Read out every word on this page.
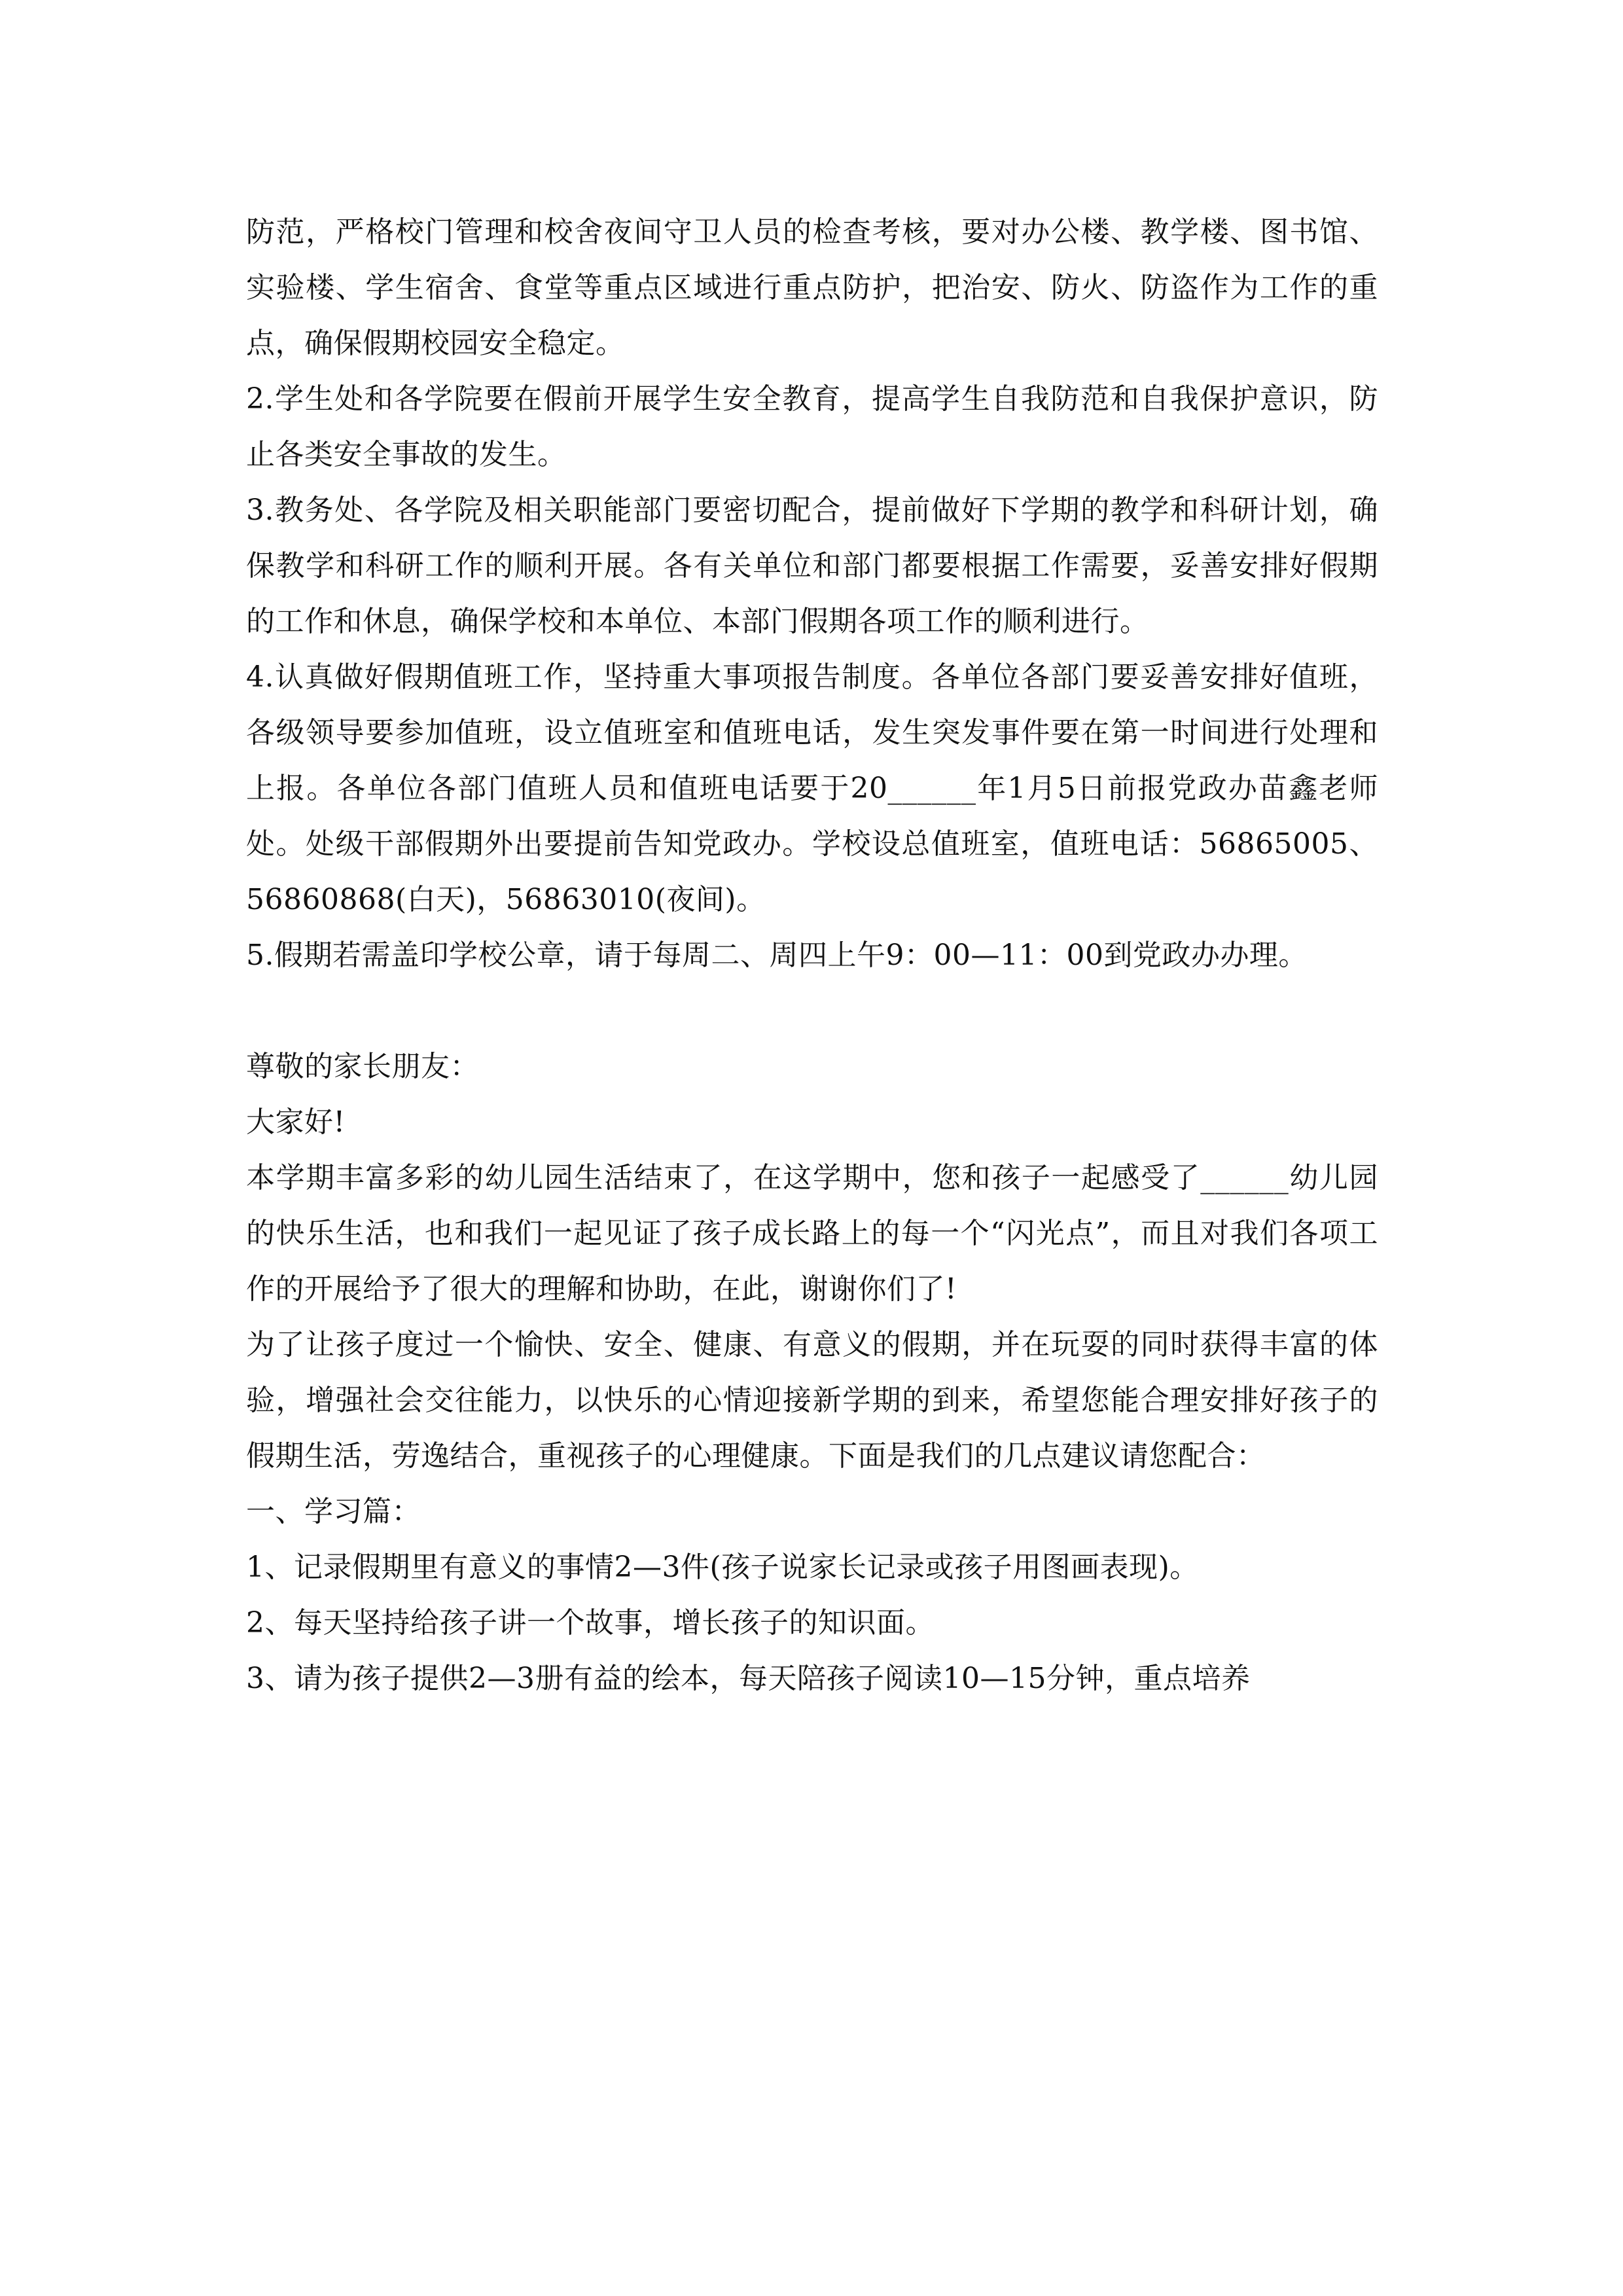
防范，严格校门管理和校舍夜间守卫人员的检查考核，要对办公楼、教学楼、图书馆、实验楼、学生宿舍、食堂等重点区域进行重点防护，把治安、防火、防盗作为工作的重点，确保假期校园安全稳定。

2.学生处和各学院要在假前开展学生安全教育，提高学生自我防范和自我保护意识，防止各类安全事故的发生。

3.教务处、各学院及相关职能部门要密切配合，提前做好下学期的教学和科研计划，确保教学和科研工作的顺利开展。各有关单位和部门都要根据工作需要，妥善安排好假期的工作和休息，确保学校和本单位、本部门假期各项工作的顺利进行。

4.认真做好假期值班工作，坚持重大事项报告制度。各单位各部门要妥善安排好值班，各级领导要参加值班，设立值班室和值班电话，发生突发事件要在第一时间进行处理和上报。各单位各部门值班人员和值班电话要于20______年1月5日前报党政办苗鑫老师处。处级干部假期外出要提前告知党政办。学校设总值班室，值班电话：56865005、56860868(白天)，56863010(夜间)。

5.假期若需盖印学校公章，请于每周二、周四上午9：00—11：00到党政办办理。

尊敬的家长朋友：

大家好!

本学期丰富多彩的幼儿园生活结束了，在这学期中，您和孩子一起感受了______幼儿园的快乐生活，也和我们一起见证了孩子成长路上的每一个“闪光点”，而且对我们各项工作的开展给予了很大的理解和协助，在此，谢谢你们了!

为了让孩子度过一个愉快、安全、健康、有意义的假期，并在玩耍的同时获得丰富的体验，增强社会交往能力，以快乐的心情迎接新学期的到来，希望您能合理安排好孩子的假期生活，劳逸结合，重视孩子的心理健康。下面是我们的几点建议请您配合：

一、学习篇：

1、记录假期里有意义的事情2—3件(孩子说家长记录或孩子用图画表现)。

2、每天坚持给孩子讲一个故事，增长孩子的知识面。

3、请为孩子提供2—3册有益的绘本，每天陪孩子阅读10—15分钟，重点培养
